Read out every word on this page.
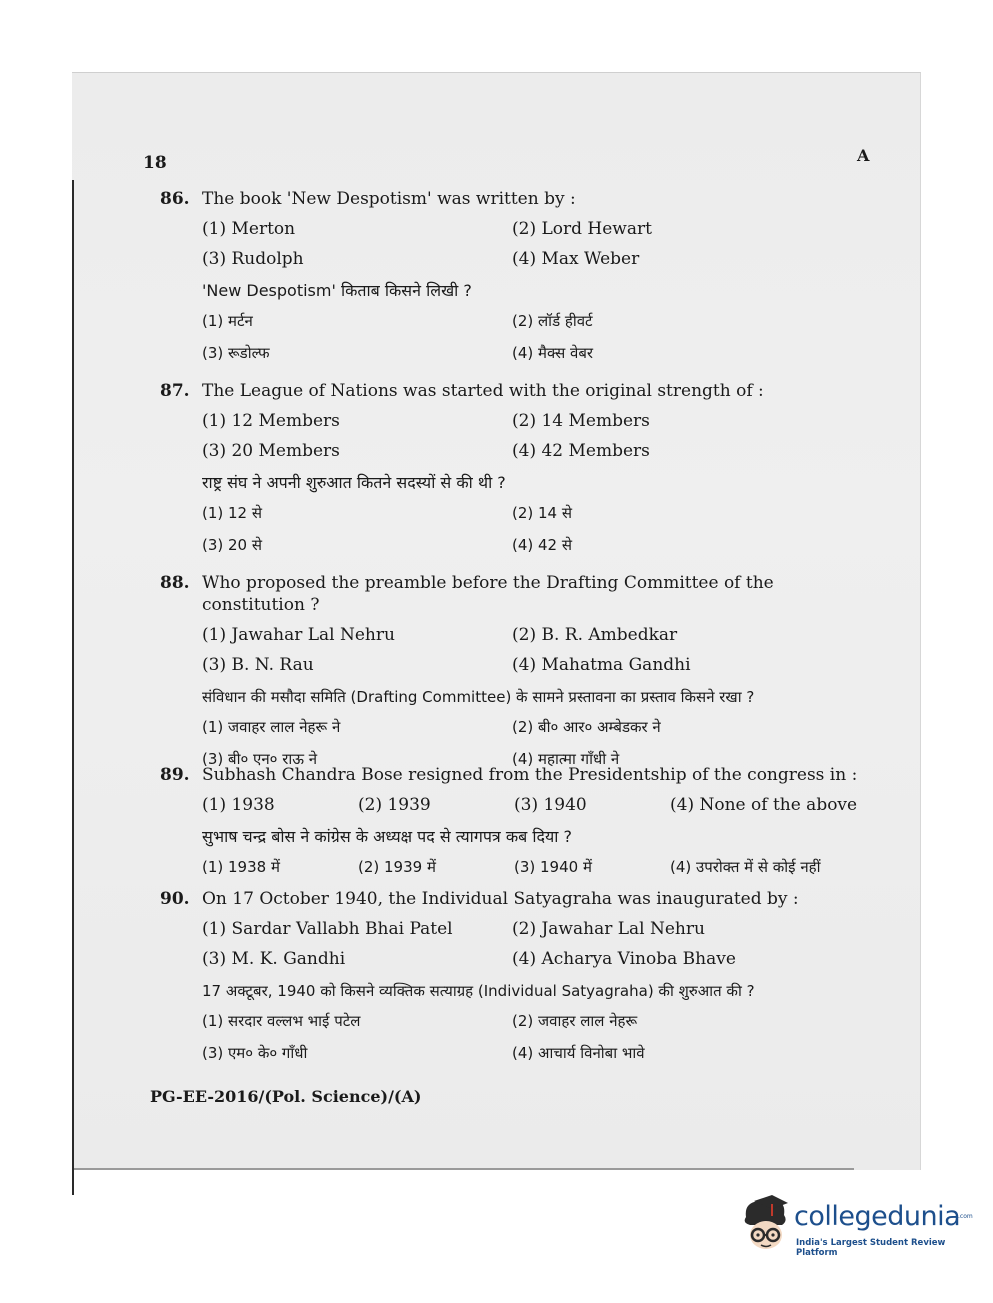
18	A
86. The book 'New Despotism' was written by :
(1) Merton	(2) Lord Hewart
(3) Rudolph	(4) Max Weber
'New Despotism' किताब किसने लिखी ?
(1) मर्टन	(2) लॉर्ड हीवर्ट
(3) रूडोल्फ	(4) मैक्स वेबर
87. The League of Nations was started with the original strength of :
(1) 12 Members	(2) 14 Members
(3) 20 Members	(4) 42 Members
राष्ट्र संघ ने अपनी शुरुआत कितने सदस्यों से की थी ?
(1) 12 से	(2) 14 से
(3) 20 से	(4) 42 से
88. Who proposed the preamble before the Drafting Committee of the constitution ?
(1) Jawahar Lal Nehru	(2) B. R. Ambedkar
(3) B. N. Rau	(4) Mahatma Gandhi
संविधान की मसौदा समिति (Drafting Committee) के सामने प्रस्तावना का प्रस्ताव किसने रखा ?
(1) जवाहर लाल नेहरू ने	(2) बी० आर० अम्बेडकर ने
(3) बी० एन० राऊ ने	(4) महात्मा गाँधी ने
89. Subhash Chandra Bose resigned from the Presidentship of the congress in :
(1) 1938	(2) 1939	(3) 1940	(4) None of the above
सुभाष चन्द्र बोस ने कांग्रेस के अध्यक्ष पद से त्यागपत्र कब दिया ?
(1) 1938 में	(2) 1939 में	(3) 1940 में	(4) उपरोक्त में से कोई नहीं
90. On 17 October 1940, the Individual Satyagraha was inaugurated by :
(1) Sardar Vallabh Bhai Patel	(2) Jawahar Lal Nehru
(3) M. K. Gandhi	(4) Acharya Vinoba Bhave
17 अक्टूबर, 1940 को किसने व्यक्तिक सत्याग्रह (Individual Satyagraha) की शुरुआत की ?
(1) सरदार वल्लभ भाई पटेल	(2) जवाहर लाल नेहरू
(3) एम० के० गाँधी	(4) आचार्य विनोबा भावे
PG-EE-2016/(Pol. Science)/(A)
collegedunia
.com
India's Largest Student Review Platform
